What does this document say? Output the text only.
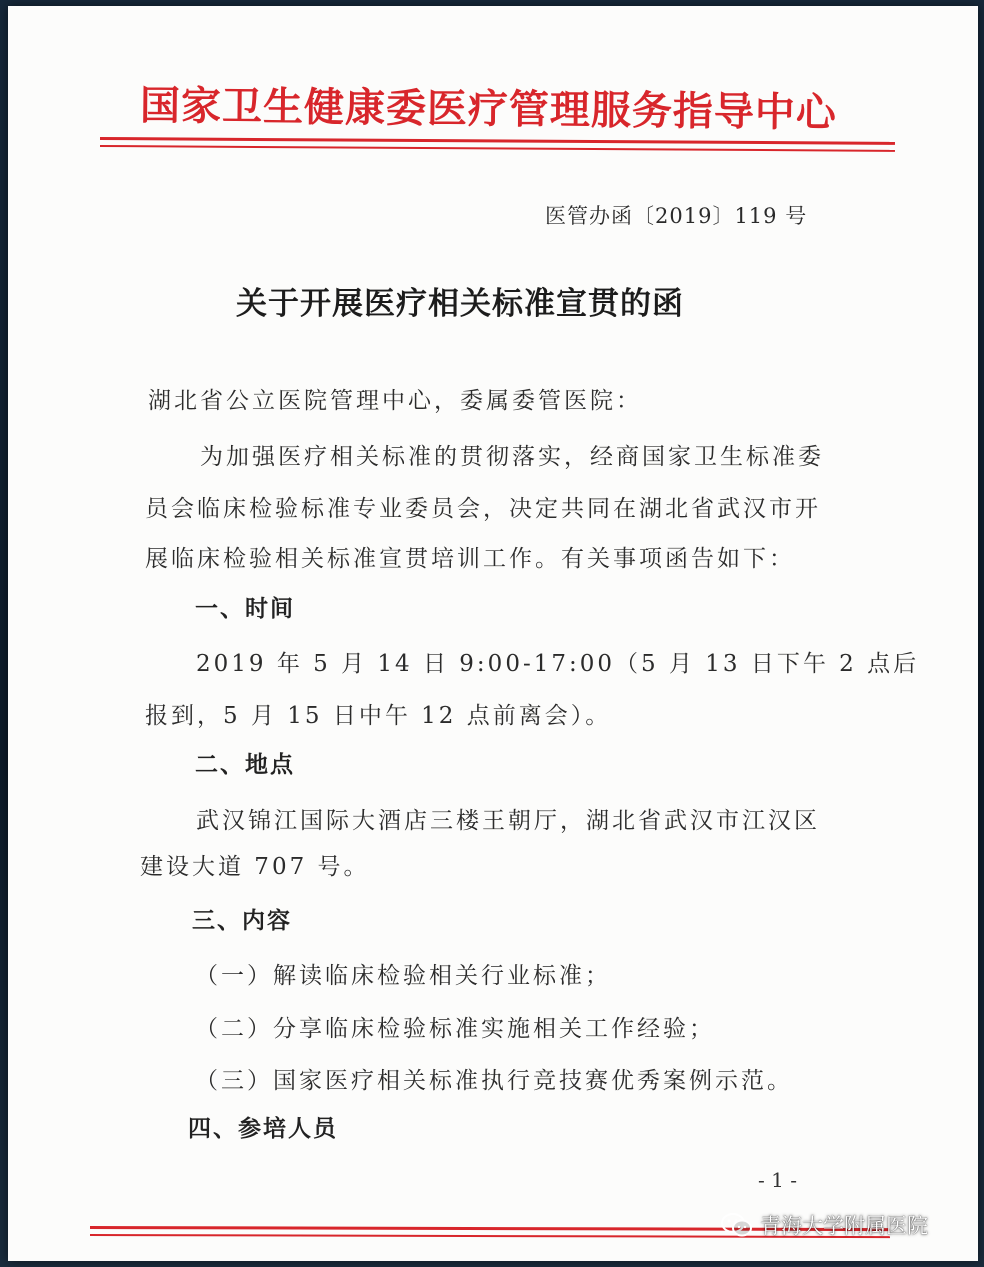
国家卫生健康委医疗管理服务指导中心
医管办函〔2019〕119 号
关于开展医疗相关标准宣贯的函
湖北省公立医院管理中心，委属委管医院：
为加强医疗相关标准的贯彻落实，经商国家卫生标准委
员会临床检验标准专业委员会，决定共同在湖北省武汉市开
展临床检验相关标准宣贯培训工作。有关事项函告如下：
一、时间
2019 年 5 月 14 日 9:00-17:00（5 月 13 日下午 2 点后
报到，5 月 15 日中午 12 点前离会）。
二、地点
武汉锦江国际大酒店三楼王朝厅，湖北省武汉市江汉区
建设大道 707 号。
三、内容
（一）解读临床检验相关行业标准；
（二）分享临床检验标准实施相关工作经验；
（三）国家医疗相关标准执行竞技赛优秀案例示范。
四、参培人员
- 1 -
青海大学附属医院
